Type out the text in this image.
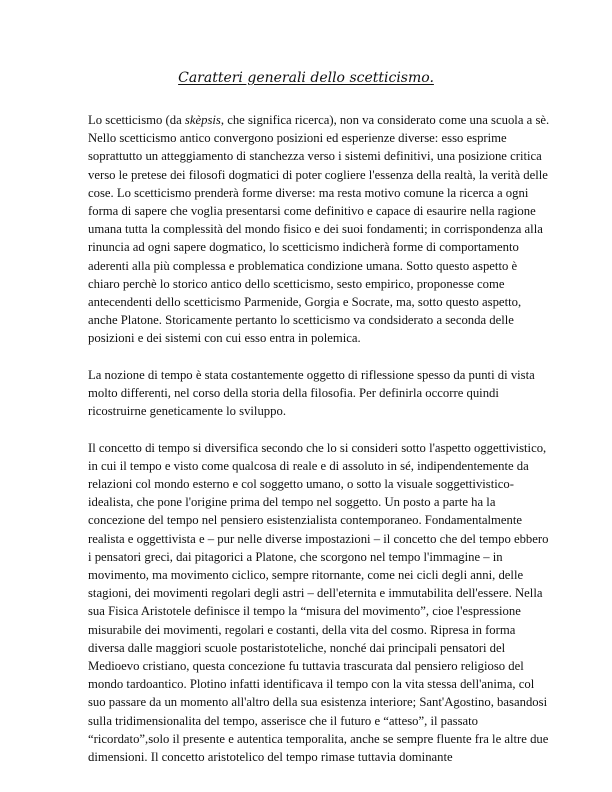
Caratteri generali dello scetticismo.

Lo scetticismo (da skèpsis, che significa ricerca), non va considerato come una scuola a sè. Nello scetticismo antico convergono posizioni ed esperienze diverse: esso esprime soprattutto un atteggiamento di stanchezza verso i sistemi definitivi, una posizione critica verso le pretese dei filosofi dogmatici di poter cogliere l'essenza della realtà, la verità delle cose. Lo scetticismo prenderà forme diverse: ma resta motivo comune la ricerca a ogni forma di sapere che voglia presentarsi come definitivo e capace di esaurire nella ragione umana tutta la complessità del mondo fisico e dei suoi fondamenti; in corrispondenza alla rinuncia ad ogni sapere dogmatico, lo scetticismo indicherà forme di comportamento aderenti alla più complessa e problematica condizione umana. Sotto questo aspetto è chiaro perchè lo storico antico dello scetticismo, sesto empirico, proponesse come antecendenti dello scetticismo Parmenide, Gorgia e Socrate, ma, sotto questo aspetto, anche Platone. Storicamente pertanto lo scetticismo va condsiderato a seconda delle posizioni e dei sistemi con cui esso entra in polemica.

La nozione di tempo è stata costantemente oggetto di riflessione spesso da punti di vista molto differenti, nel corso della storia della filosofia. Per definirla occorre quindi ricostruirne geneticamente lo sviluppo.

Il concetto di tempo si diversifica secondo che lo si consideri sotto l'aspetto oggettivistico, in cui il tempo e visto come qualcosa di reale e di assoluto in sé, indipendentemente da relazioni col mondo esterno e col soggetto umano, o sotto la visuale soggettivistico-idealista, che pone l'origine prima del tempo nel soggetto. Un posto a parte ha la concezione del tempo nel pensiero esistenzialista contemporaneo. Fondamentalmente realista e oggettivista e – pur nelle diverse impostazioni – il concetto che del tempo ebbero i pensatori greci, dai pitagorici a Platone, che scorgono nel tempo l'immagine – in movimento, ma movimento ciclico, sempre ritornante, come nei cicli degli anni, delle stagioni, dei movimenti regolari degli astri – dell'eternita e immutabilita dell'essere. Nella sua Fisica Aristotele definisce il tempo la “misura del movimento”, cioe l'espressione misurabile dei movimenti, regolari e costanti, della vita del cosmo. Ripresa in forma diversa dalle maggiori scuole postaristoteliche, nonché dai principali pensatori del Medioevo cristiano, questa concezione fu tuttavia trascurata dal pensiero religioso del mondo tardoantico. Plotino infatti identificava il tempo con la vita stessa dell'anima, col suo passare da un momento all'altro della sua esistenza interiore; Sant'Agostino, basandosi sulla tridimensionalita del tempo, asserisce che il futuro e “atteso”, il passato “ricordato”,solo il presente e autentica temporalita, anche se sempre fluente fra le altre due dimensioni. Il concetto aristotelico del tempo rimase tuttavia dominante
